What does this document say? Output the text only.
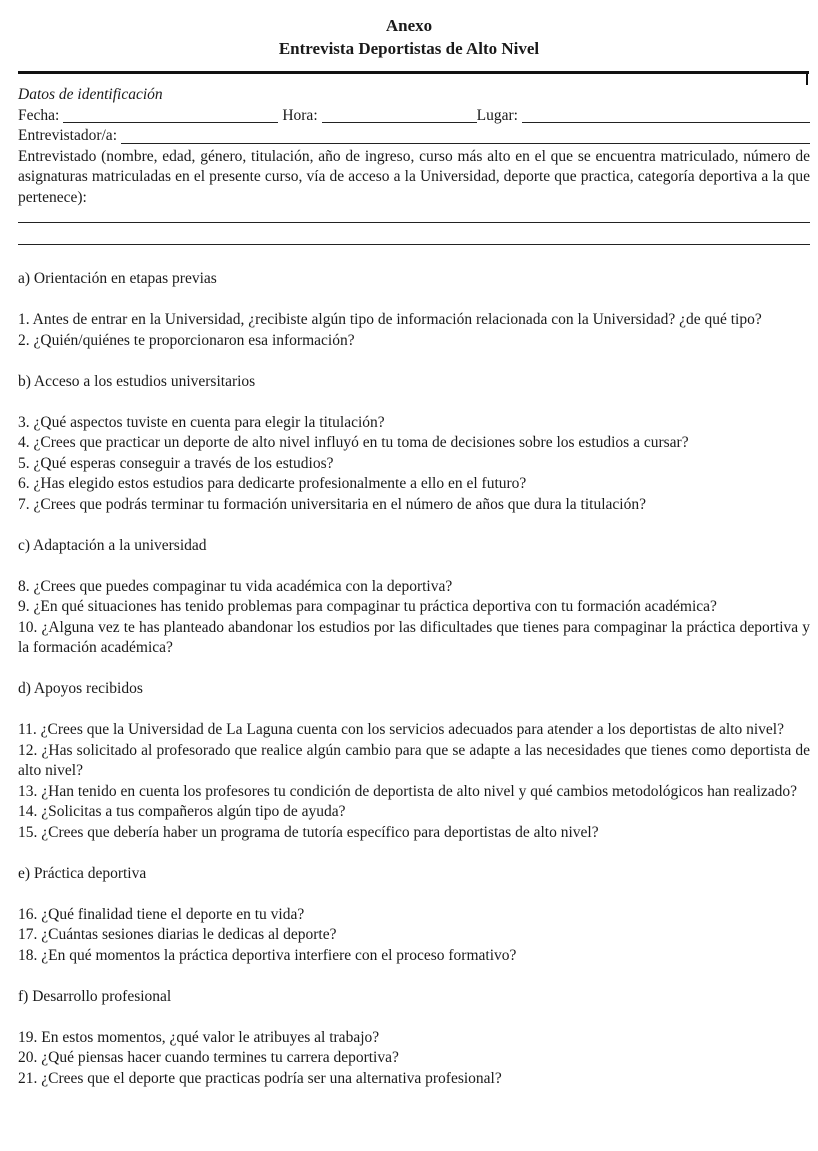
Anexo
Entrevista Deportistas de Alto Nivel
Datos de identificación
Fecha:	Hora:	Lugar:
Entrevistador/a:

Entrevistado (nombre, edad, género, titulación, año de ingreso, curso más alto en el que se encuentra matriculado, número de asignaturas matriculadas en el presente curso, vía de acceso a la Universidad, deporte que practica, categoría deportiva a la que pertenece):

a) Orientación en etapas previas

1. Antes de entrar en la Universidad, ¿recibiste algún tipo de información relacionada con la Universidad? ¿de qué tipo?

2. ¿Quién/quiénes te proporcionaron esa información?

b) Acceso a los estudios universitarios

3. ¿Qué aspectos tuviste en cuenta para elegir la titulación?

4. ¿Crees que practicar un deporte de alto nivel influyó en tu toma de decisiones sobre los estudios a cursar?

5. ¿Qué esperas conseguir a través de los estudios?

6. ¿Has elegido estos estudios para dedicarte profesionalmente a ello en el futuro?

7. ¿Crees que podrás terminar tu formación universitaria en el número de años que dura la titulación?

c) Adaptación a la universidad

8. ¿Crees que puedes compaginar tu vida académica con la deportiva?

9. ¿En qué situaciones has tenido problemas para compaginar tu práctica deportiva con tu formación académica?

10. ¿Alguna vez te has planteado abandonar los estudios por las dificultades que tienes para compaginar la práctica deportiva y la formación académica?

d) Apoyos recibidos

11. ¿Crees que la Universidad de La Laguna cuenta con los servicios adecuados para atender a los deportistas de alto nivel?

12. ¿Has solicitado al profesorado que realice algún cambio para que se adapte a las necesidades que tienes como deportista de alto nivel?

13. ¿Han tenido en cuenta los profesores tu condición de deportista de alto nivel y qué cambios metodológicos han realizado?

14. ¿Solicitas a tus compañeros algún tipo de ayuda?

15. ¿Crees que debería haber un programa de tutoría específico para deportistas de alto nivel?

e) Práctica deportiva

16. ¿Qué finalidad tiene el deporte en tu vida?

17. ¿Cuántas sesiones diarias le dedicas al deporte?

18. ¿En qué momentos la práctica deportiva interfiere con el proceso formativo?

f) Desarrollo profesional

19. En estos momentos, ¿qué valor le atribuyes al trabajo?

20. ¿Qué piensas hacer cuando termines tu carrera deportiva?

21. ¿Crees que el deporte que practicas podría ser una alternativa profesional?
